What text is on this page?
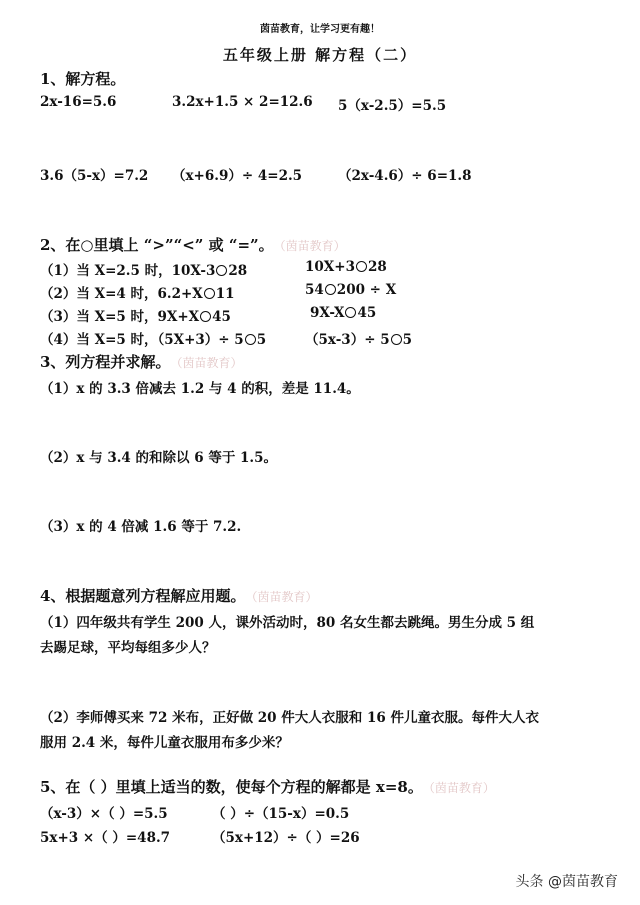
茵苗教育，让学习更有趣！
五年级上册 解方程（二）
1、解方程。
2x-16=5.6	3.2x+1.5 × 2=12.6 5（x-2.5）=5.5
3.6（5-x）=7.2 （x+6.9）÷ 4=2.5	（2x-4.6）÷ 6=1.8
2、在○里填上 “>”“<” 或 “=”。 （茵苗教育）
（1）当 X=2.5 时，10X-3 28	10X+3 28
（2）当 X=4 时，6.2+X 11	54 200 ÷ X
（3）当 X=5 时，9X+X 45	9X-X 45
（4）当 X=5 时，（5X+3）÷ 5 5	（5x-3）÷ 5 5
3、列方程并求解。 （茵苗教育）
（1）x 的 3.3 倍减去 1.2 与 4 的积，差是 11.4。
（2）x 与 3.4 的和除以 6 等于 1.5。
（3）x 的 4 倍减 1.6 等于 7.2.
4、根据题意列方程解应用题。 （茵苗教育）
（1）四年级共有学生 200 人，课外活动时，80 名女生都去跳绳。男生分成 5 组
去踢足球，平均每组多少人？
（2）李师傅买来 72 米布，正好做 20 件大人衣服和 16 件儿童衣服。每件大人衣
服用 2.4 米，每件儿童衣服用布多少米？
5、在（ ）里填上适当的数，使每个方程的解都是 x=8。 （茵苗教育）
（x-3）×（ ）=5.5	（ ）÷（15-x）=0.5
5x+3 ×（ ）=48.7	（5x+12）÷（ ）=26
头条 @茵苗教育
